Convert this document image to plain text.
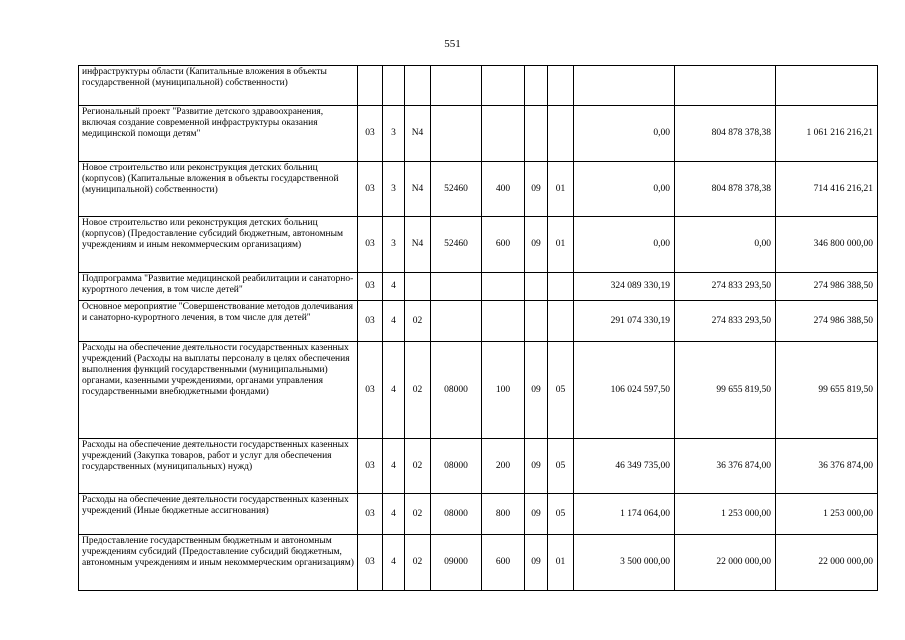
551
инфраструктуры области (Капитальные вложения в объекты государственной (муниципальной) собственности)										
Региональный проект "Развитие детского здравоохранения, включая создание современной инфраструктуры оказания медицинской помощи детям"	03	3	N4					0,00	804 878 378,38	1 061 216 216,21
Новое строительство или реконструкция детских больниц (корпусов) (Капитальные вложения в объекты государственной (муниципальной) собственности)	03	3	N4	52460	400	09	01	0,00	804 878 378,38	714 416 216,21
Новое строительство или реконструкция детских больниц (корпусов) (Предоставление субсидий бюджетным, автономным учреждениям и иным некоммерческим организациям)	03	3	N4	52460	600	09	01	0,00	0,00	346 800 000,00
Подпрограмма "Развитие медицинской реабилитации и санаторно-курортного лечения, в том числе детей"	03	4						324 089 330,19	274 833 293,50	274 986 388,50
Основное мероприятие "Совершенствование методов долечивания и санаторно-курортного лечения, в том числе для детей"	03	4	02					291 074 330,19	274 833 293,50	274 986 388,50
Расходы на обеспечение деятельности государственных казенных учреждений (Расходы на выплаты персоналу в целях обеспечения выполнения функций государственными (муниципальными) органами, казенными учреждениями, органами управления государственными внебюджетными фондами)	03	4	02	08000	100	09	05	106 024 597,50	99 655 819,50	99 655 819,50
Расходы на обеспечение деятельности государственных казенных учреждений (Закупка товаров, работ и услуг для обеспечения государственных (муниципальных) нужд)	03	4	02	08000	200	09	05	46 349 735,00	36 376 874,00	36 376 874,00
Расходы на обеспечение деятельности государственных казенных учреждений (Иные бюджетные ассигнования)	03	4	02	08000	800	09	05	1 174 064,00	1 253 000,00	1 253 000,00
Предоставление государственным бюджетным и автономным учреждениям субсидий (Предоставление субсидий бюджетным, автономным учреждениям и иным некоммерческим организациям)	03	4	02	09000	600	09	01	3 500 000,00	22 000 000,00	22 000 000,00
